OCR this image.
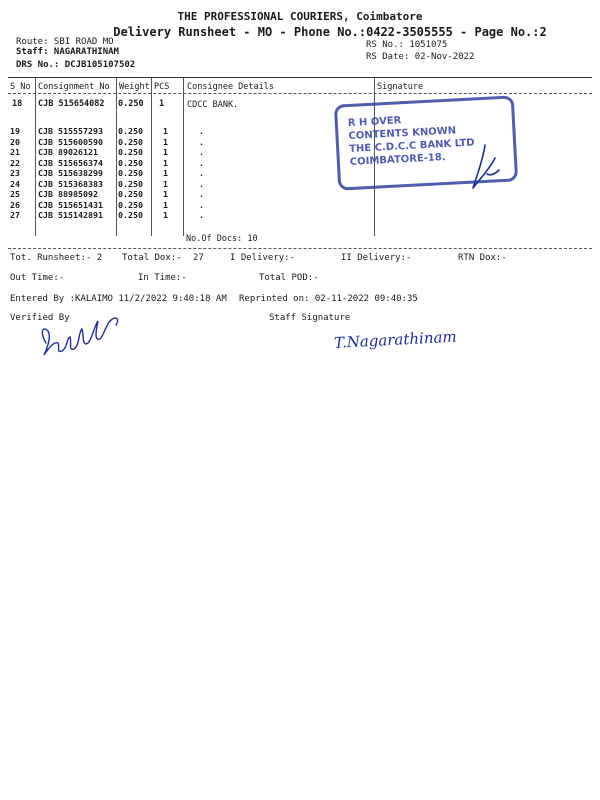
THE PROFESSIONAL COURIERS, Coimbatore
Delivery Runsheet - MO - Phone No.:0422-3505555 - Page No.:2
Route: SBI ROAD MO
Staff: NAGARATHINAM
DRS No.: DCJB105107502
RS No.: 1051075
RS Date: 02-Nov-2022
S No Consignment No Weight PCS Consignee Details	Signature
18 CJB 515654082 0.250 1	CDCC BANK.
19	CJB 515557293	0.250	1	.
20	CJB 515600590	0.250	1	.
21	CJB 89026121	0.250	1	.
22	CJB 515656374	0.250	1	.
23	CJB 515638299	0.250	1	.
24	CJB 515368383	0.250	1	.
25	CJB 88985092	0.250	1	.
26	CJB 515651431	0.250	1	.
27	CJB 515142891	0.250	1	.
No.Of Docs: 10
R H OVER
CONTENTS KNOWN
THE C.D.C.C BANK LTD
COIMBATORE-18.
Tot. Runsheet:- 2 Total Dox:- 27	I Delivery:-	II Delivery:-	RTN Dox:-
Out Time:-	In Time:-	Total POD:-
Entered By :KALAIMO 11/2/2022 9:40:18 AM Reprinted on: 02-11-2022 09:40:35
Verified By	Staff Signature
T.Nagarathinam
